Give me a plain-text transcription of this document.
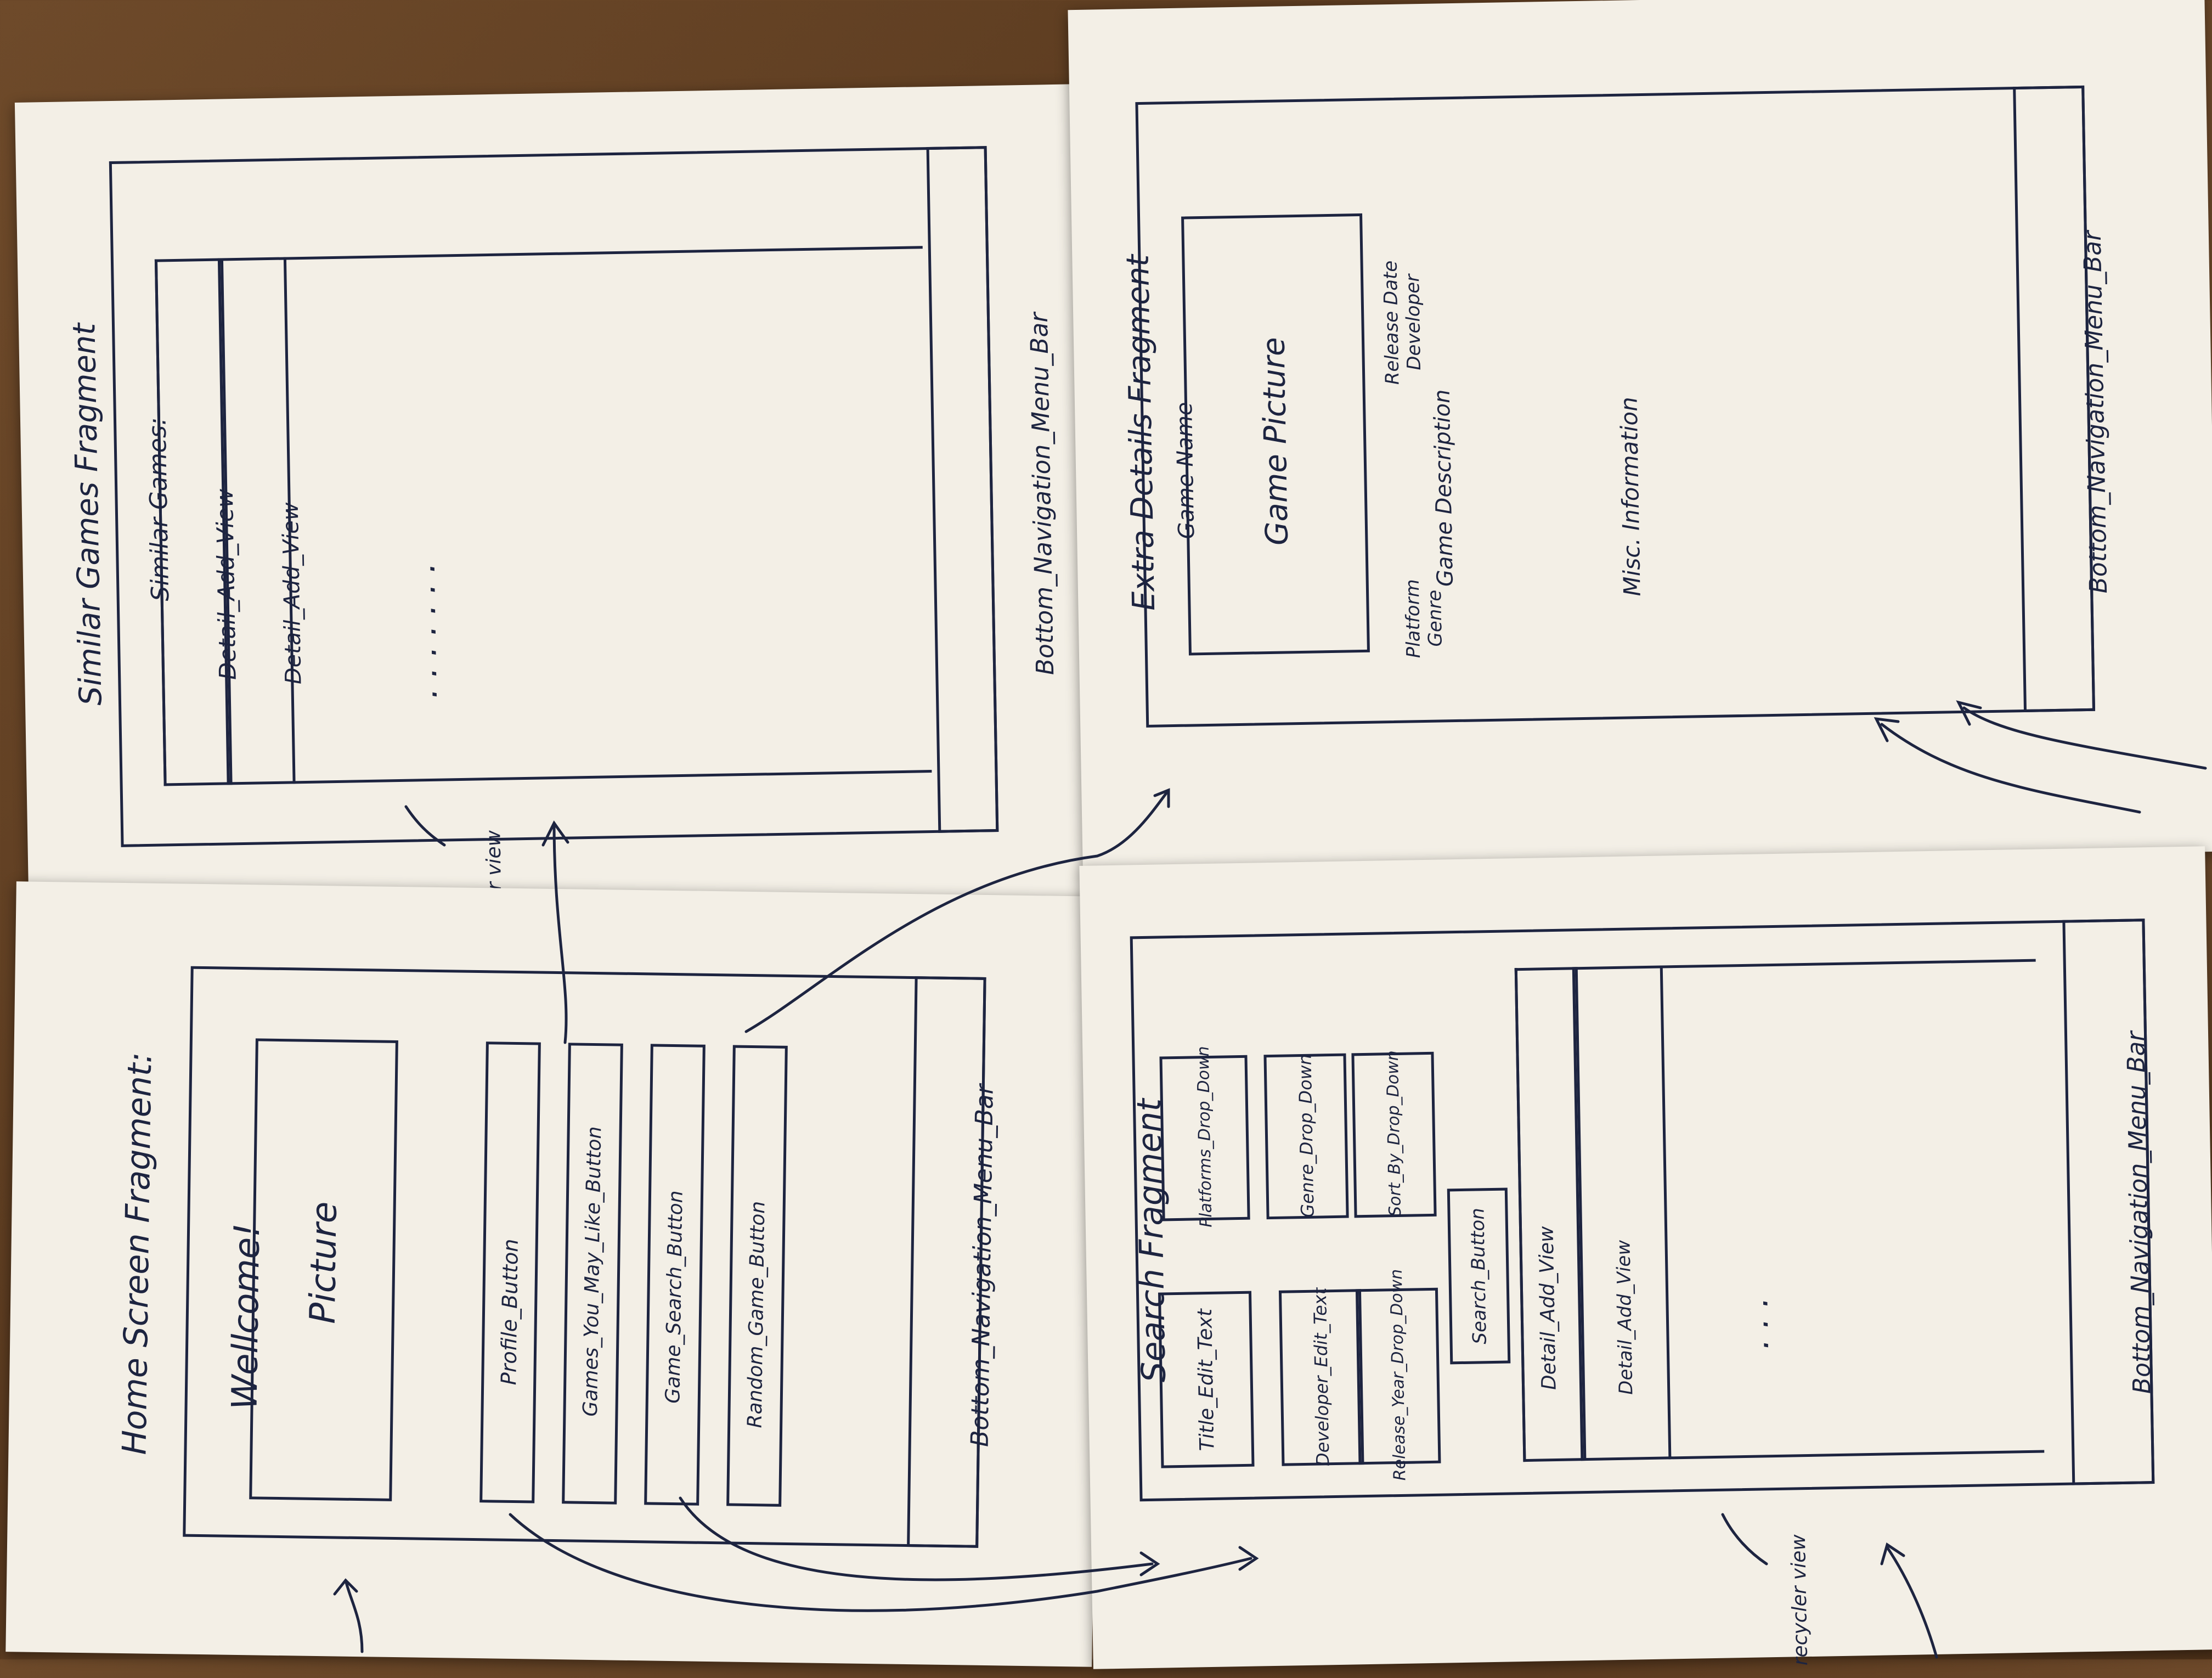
Bottom_Navigation_Menu_Bar
Similar Games Fragment Similar Games: Detail_Add_View Detail_Add_View	. . . . . . .
Bottom_Navigation_Menu_Bar
Extra Details Fragment Game Name Game Picture
Release Date
Developer
Platform
Genre
Game Description	Misc. Information
Bottom_Navigation_Menu_Bar
Home Screen Fragment: Wellcome! Picture	Profile_Button	Games_You_May_Like_Button	Game_Search_Button	Random_Game_Button	Bottom_Navigation_Menu_Bar
Search Fragment Title_Edit_Text	Developer_Edit_Text	Release_Year_Drop_Down
Platforms_Drop_Down	Genre_Drop_Down	Sort_By_Drop_Down
Search_Button Detail_Add_View	Detail_Add_View	. . .
recycler view
